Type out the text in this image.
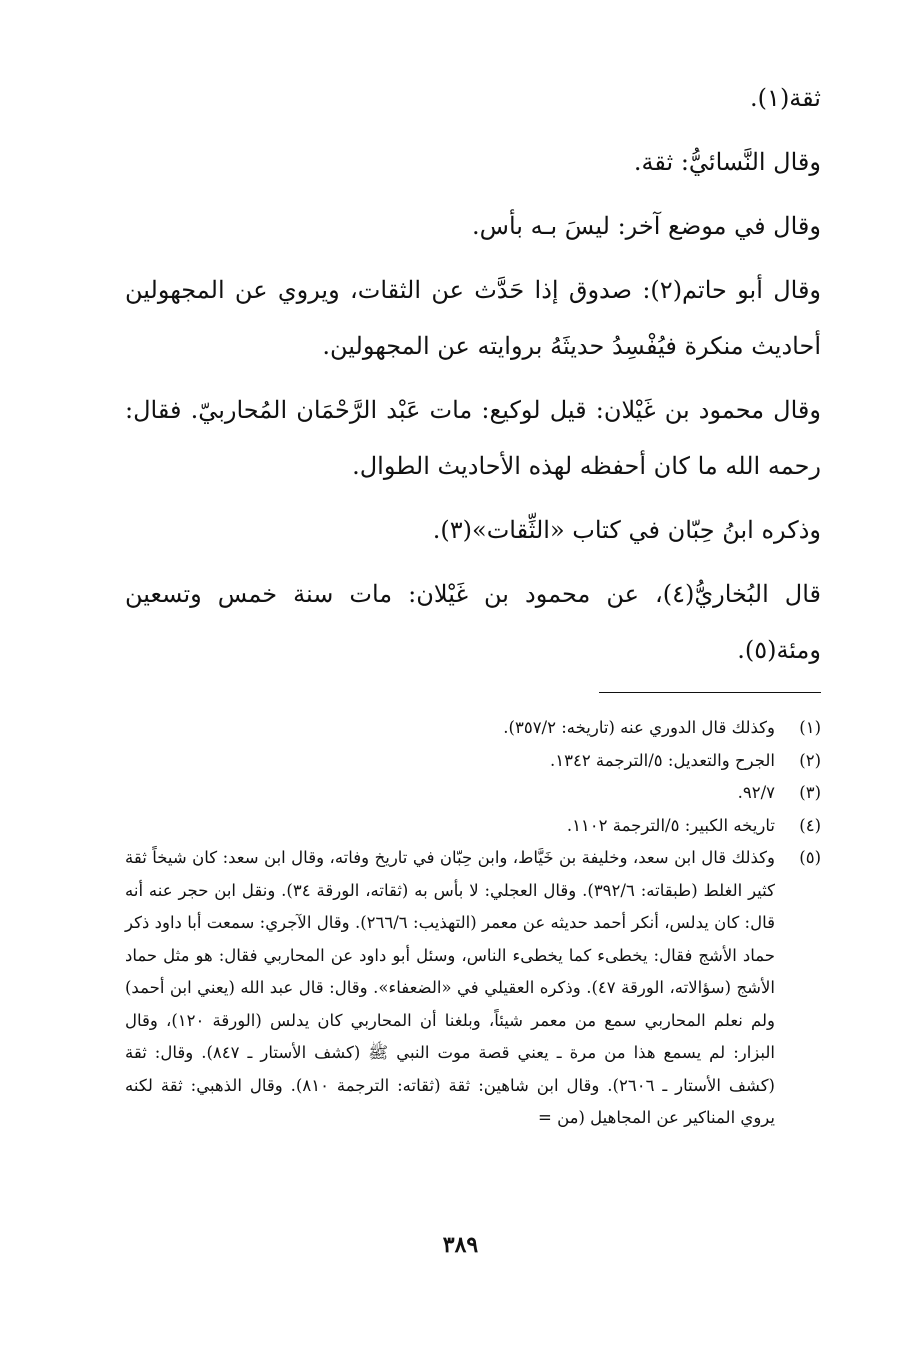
ثقة(١).

وقال النَّسائيُّ: ثقة.

وقال في موضع آخر: ليسَ بـه بأس.

وقال أبو حاتم(٢): صدوق إذا حَدَّث عن الثقات، ويروي عن المجهولين أحاديث منكرة فيُفْسِدُ حديثَهُ بروايته عن المجهولين.

وقال محمود بن غَيْلان: قيل لوكيع: مات عَبْد الرَّحْمَان المُحاربيّ. فقال: رحمه الله ما كان أحفظه لهذه الأحاديث الطوال.

وذكره ابنُ حِبّان في كتاب «الثِّقات»(٣).

قال البُخاريُّ(٤)، عن محمود بن غَيْلان: مات سنة خمس وتسعين ومئة(٥).

(١)
وكذلك قال الدوري عنه (تاريخه: ٣٥٧/٢).
(٢)
الجرح والتعديل: ٥/الترجمة ١٣٤٢.
(٣)
٩٢/٧.
(٤)
تاريخه الكبير: ٥/الترجمة ١١٠٢.
(٥)
وكذلك قال ابن سعد، وخليفة بن خَيَّاط، وابن حِبّان في تاريخ وفاته، وقال ابن سعد: كان شيخاً ثقة كثير الغلط (طبقاته: ٣٩٢/٦). وقال العجلي: لا بأس به (ثقاته، الورقة ٣٤). ونقل ابن حجر عنه أنه قال: كان يدلس، أنكر أحمد حديثه عن معمر (التهذيب: ٢٦٦/٦). وقال الآجري: سمعت أبا داود ذكر حماد الأشج فقال: يخطىء كما يخطىء الناس، وسئل أبو داود عن المحاربي فقال: هو مثل حماد الأشج (سؤالاته، الورقة ٤٧). وذكره العقيلي في «الضعفاء». وقال: قال عبد الله (يعني ابن أحمد) ولم نعلم المحاربي سمع من معمر شيئاً، وبلغنا أن المحاربي كان يدلس (الورقة ١٢٠)، وقال البزار: لم يسمع هذا من مرة ـ يعني قصة موت النبي ﷺ (كشف الأستار ـ ٨٤٧). وقال: ثقة (كشف الأستار ـ ٢٦٠٦). وقال ابن شاهين: ثقة (ثقاته: الترجمة ٨١٠). وقال الذهبي: ثقة لكنه يروي المناكير عن المجاهيل (من =
٣٨٩
